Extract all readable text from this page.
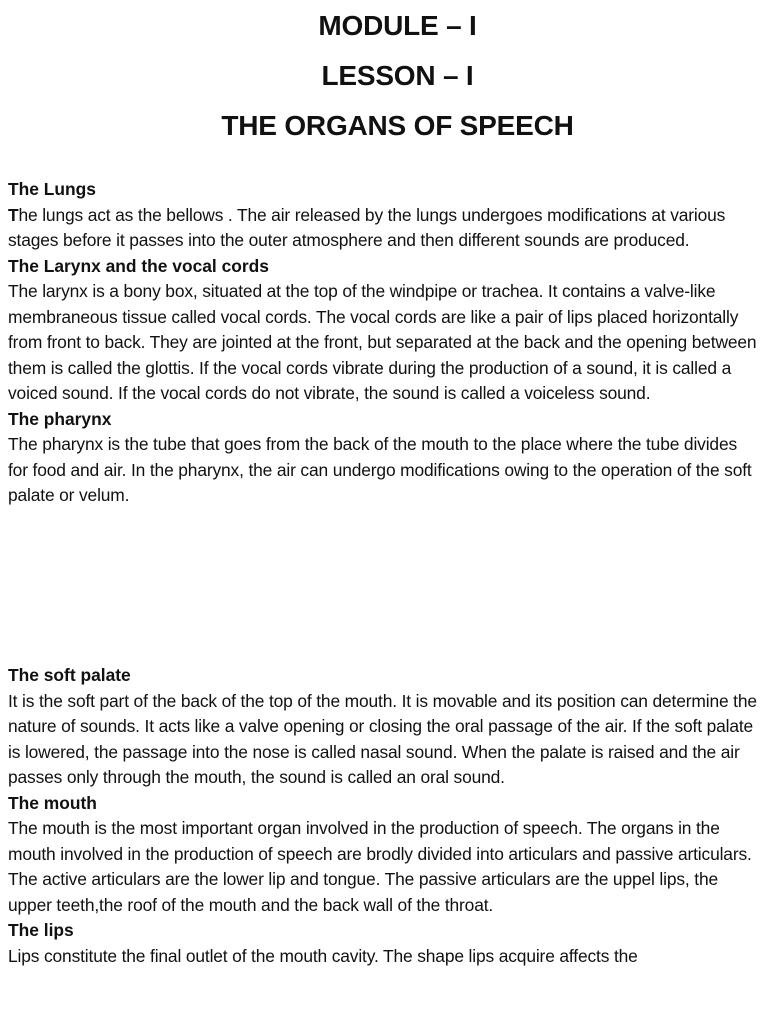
MODULE – I
LESSON – I
THE ORGANS OF SPEECH
The Lungs

The lungs act as the bellows . The air released by the lungs undergoes modifications at various stages before it passes into the outer atmosphere and then different sounds are produced.

The Larynx and the vocal cords

The larynx is a bony box, situated at the top of the windpipe or trachea. It contains a valve-like membraneous tissue called vocal cords. The vocal cords are like a pair of lips placed horizontally from front to back. They are jointed at the front, but separated at the back and the opening between them is called the glottis. If the vocal cords vibrate during the production of a sound, it is called a voiced sound. If the vocal cords do not vibrate, the sound is called a voiceless sound.

The pharynx

The pharynx is the tube that goes from the back of the mouth to the place where the tube divides for food and air. In the pharynx, the air can undergo modifications owing to the operation of the soft palate or velum.

The soft palate

It is the soft part of the back of the top of the mouth. It is movable and its position can determine the nature of sounds. It acts like a valve opening or closing the oral passage of the air. If the soft palate is lowered, the passage into the nose is called nasal sound. When the palate is raised and the air passes only through the mouth, the sound is called an oral sound.

The mouth

The mouth is the most important organ involved in the production of speech. The organs in the mouth involved in the production of speech are brodly divided into articulars and passive articulars. The active articulars are the lower lip and tongue. The passive articulars are the uppel lips, the upper teeth,the roof of the mouth and the back wall of the throat.

The lips

Lips constitute the final outlet of the mouth cavity. The shape lips acquire affects the
